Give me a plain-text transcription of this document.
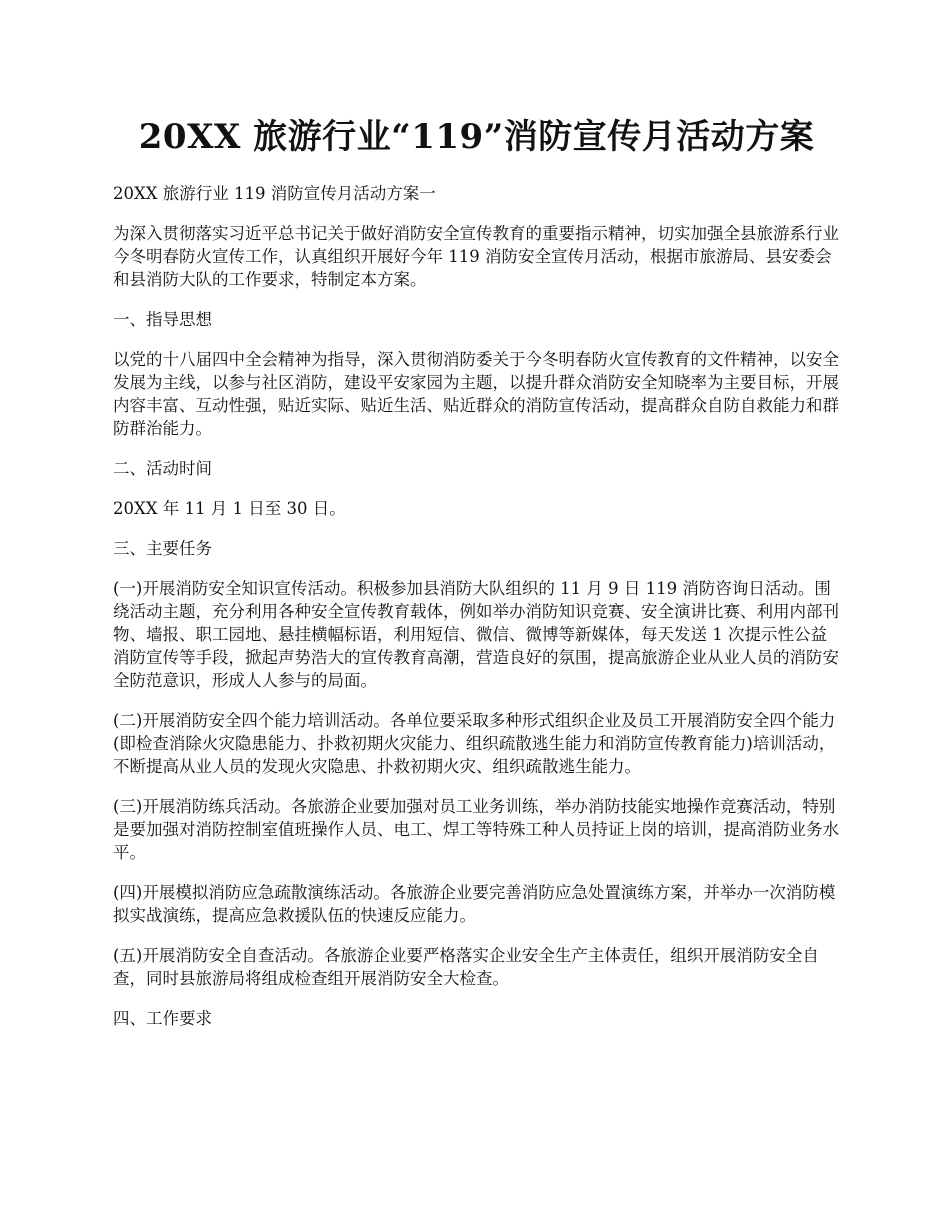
20XX 旅游行业“119”消防宣传月活动方案

20XX 旅游行业 119 消防宣传月活动方案一

为深入贯彻落实习近平总书记关于做好消防安全宣传教育的重要指示精神，切实加强全县旅游系行业今冬明春防火宣传工作，认真组织开展好今年 119 消防安全宣传月活动，根据市旅游局、县安委会和县消防大队的工作要求，特制定本方案。

一、指导思想

以党的十八届四中全会精神为指导，深入贯彻消防委关于今冬明春防火宣传教育的文件精神，以安全发展为主线，以参与社区消防，建设平安家园为主题，以提升群众消防安全知晓率为主要目标，开展内容丰富、互动性强，贴近实际、贴近生活、贴近群众的消防宣传活动，提高群众自防自救能力和群防群治能力。

二、活动时间

20XX 年 11 月 1 日至 30 日。

三、主要任务

(一)开展消防安全知识宣传活动。积极参加县消防大队组织的 11 月 9 日 119 消防咨询日活动。围绕活动主题，充分利用各种安全宣传教育载体，例如举办消防知识竞赛、安全演讲比赛、利用内部刊物、墙报、职工园地、悬挂横幅标语，利用短信、微信、微博等新媒体，每天发送 1 次提示性公益消防宣传等手段，掀起声势浩大的宣传教育高潮，营造良好的氛围，提高旅游企业从业人员的消防安全防范意识，形成人人参与的局面。

(二)开展消防安全四个能力培训活动。各单位要采取多种形式组织企业及员工开展消防安全四个能力(即检查消除火灾隐患能力、扑救初期火灾能力、组织疏散逃生能力和消防宣传教育能力)培训活动，不断提高从业人员的发现火灾隐患、扑救初期火灾、组织疏散逃生能力。

(三)开展消防练兵活动。各旅游企业要加强对员工业务训练，举办消防技能实地操作竞赛活动，特别是要加强对消防控制室值班操作人员、电工、焊工等特殊工种人员持证上岗的培训，提高消防业务水平。

(四)开展模拟消防应急疏散演练活动。各旅游企业要完善消防应急处置演练方案，并举办一次消防模拟实战演练，提高应急救援队伍的快速反应能力。

(五)开展消防安全自查活动。各旅游企业要严格落实企业安全生产主体责任，组织开展消防安全自查，同时县旅游局将组成检查组开展消防安全大检查。

四、工作要求
